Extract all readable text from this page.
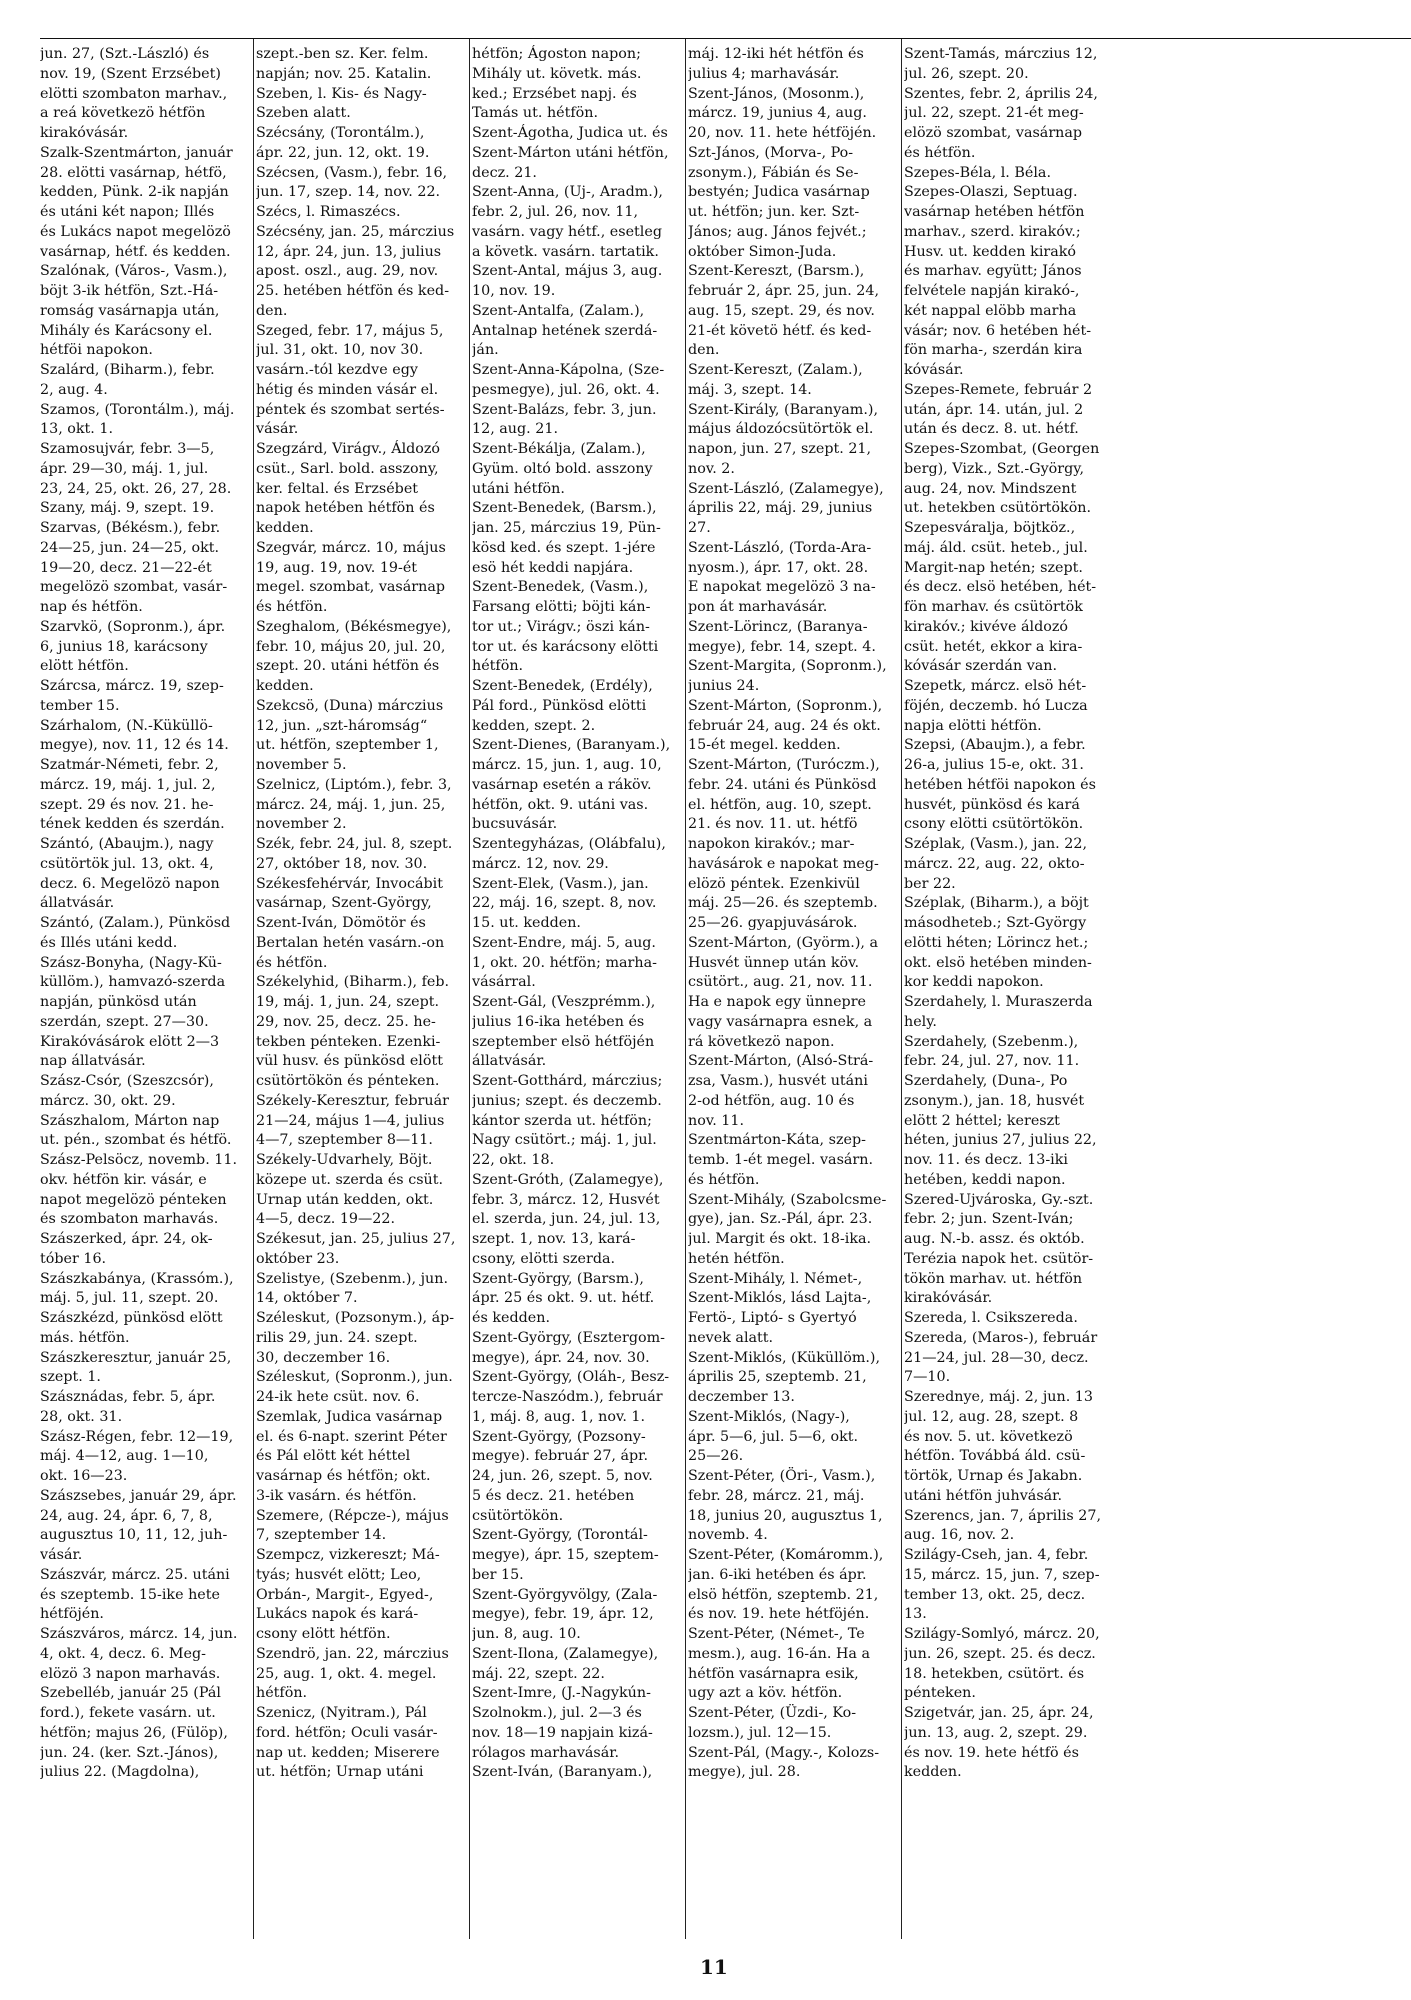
jun. 27, (Szt.-László) és
nov. 19, (Szent Erzsébet)
elötti szombaton marhav.,
a reá következö hétfön
kirakóvásár.
Szalk-Szentmárton, január
28. elötti vasárnap, hétfö,
kedden, Pünk. 2-ik napján
és utáni két napon; Illés
és Lukács napot megelözö
vasárnap, hétf. és kedden.
Szalónak, (Város-, Vasm.),
böjt 3-ik hétfön, Szt.-Há-
romság vasárnapja után,
Mihály és Karácsony el.
hétföi napokon.
Szalárd, (Biharm.), febr.
2, aug. 4.
Szamos, (Torontálm.), máj.
13, okt. 1.
Szamosujvár, febr. 3—5,
ápr. 29—30, máj. 1, jul.
23, 24, 25, okt. 26, 27, 28.
Szany, máj. 9, szept. 19.
Szarvas, (Békésm.), febr.
24—25, jun. 24—25, okt.
19—20, decz. 21—22-ét
megelözö szombat, vasár-
nap és hétfön.
Szarvkö, (Sopronm.), ápr.
6, junius 18, karácsony
elött hétfön.
Szárcsa, márcz. 19, szep-
tember 15.
Szárhalom, (N.-Küküllö-
megye), nov. 11, 12 és 14.
Szatmár-Németi, febr. 2,
márcz. 19, máj. 1, jul. 2,
szept. 29 és nov. 21. he-
tének kedden és szerdán.
Szántó, (Abaujm.), nagy
csütörtök jul. 13, okt. 4,
decz. 6. Megelözö napon
állatvásár.
Szántó, (Zalam.), Pünkösd
és Illés utáni kedd.
Szász-Bonyha, (Nagy-Kü-
küllöm.), hamvazó-szerda
napján, pünkösd után
szerdán, szept. 27—30.
Kirakóvásárok elött 2—3
nap állatvásár.
Szász-Csór, (Szeszcsór),
márcz. 30, okt. 29.
Szászhalom, Márton nap
ut. pén., szombat és hétfö.
Szász-Pelsöcz, novemb. 11.
okv. hétfön kir. vásár, e
napot megelözö pénteken
és szombaton marhavás.
Szászerked, ápr. 24, ok-
tóber 16.
Szászkabánya, (Krassóm.),
máj. 5, jul. 11, szept. 20.
Szászkézd, pünkösd elött
más. hétfön.
Szászkeresztur, január 25,
szept. 1.
Szásznádas, febr. 5, ápr.
28, okt. 31.
Szász-Régen, febr. 12—19,
máj. 4—12, aug. 1—10,
okt. 16—23.
Szászsebes, január 29, ápr.
24, aug. 24, ápr. 6, 7, 8,
augusztus 10, 11, 12, juh-
vásár.
Szászvár, márcz. 25. utáni
és szeptemb. 15-ike hete
hétföjén.
Szászváros, márcz. 14, jun.
4, okt. 4, decz. 6. Meg-
elözö 3 napon marhavás.
Szebelléb, január 25 (Pál
ford.), fekete vasárn. ut.
hétfön; majus 26, (Fülöp),
jun. 24. (ker. Szt.-János),
julius 22. (Magdolna),
szept.-ben sz. Ker. felm.
napján; nov. 25. Katalin.
Szeben, l. Kis- és Nagy-
Szeben alatt.
Szécsány, (Torontálm.),
ápr. 22, jun. 12, okt. 19.
Szécsen, (Vasm.), febr. 16,
jun. 17, szep. 14, nov. 22.
Szécs, l. Rimaszécs.
Szécsény, jan. 25, márczius
12, ápr. 24, jun. 13, julius
apost. oszl., aug. 29, nov.
25. hetében hétfön és ked-
den.
Szeged, febr. 17, május 5,
jul. 31, okt. 10, nov 30.
vasárn.-tól kezdve egy
hétig és minden vásár el.
péntek és szombat sertés-
vásár.
Szegzárd, Virágv., Áldozó
csüt., Sarl. bold. asszony,
ker. feltal. és Erzsébet
napok hetében hétfön és
kedden.
Szegvár, márcz. 10, május
19, aug. 19, nov. 19-ét
megel. szombat, vasárnap
és hétfön.
Szeghalom, (Békésmegye),
febr. 10, május 20, jul. 20,
szept. 20. utáni hétfön és
kedden.
Szekcsö, (Duna) márczius
12, jun. „szt-háromság“
ut. hétfön, szeptember 1,
november 5.
Szelnicz, (Liptóm.), febr. 3,
márcz. 24, máj. 1, jun. 25,
november 2.
Szék, febr. 24, jul. 8, szept.
27, október 18, nov. 30.
Székesfehérvár, Invocábit
vasárnap, Szent-György,
Szent-Iván, Dömötör és
Bertalan hetén vasárn.-on
és hétfön.
Székelyhid, (Biharm.), feb.
19, máj. 1, jun. 24, szept.
29, nov. 25, decz. 25. he-
tekben pénteken. Ezenki-
vül husv. és pünkösd elött
csütörtökön és pénteken.
Székely-Keresztur, február
21—24, május 1—4, julius
4—7, szeptember 8—11.
Székely-Udvarhely, Böjt.
közepe ut. szerda és csüt.
Urnap után kedden, okt.
4—5, decz. 19—22.
Székesut, jan. 25, julius 27,
október 23.
Szelistye, (Szebenm.), jun.
14, október 7.
Széleskut, (Pozsonym.), áp-
rilis 29, jun. 24. szept.
30, deczember 16.
Széleskut, (Sopronm.), jun.
24-ik hete csüt. nov. 6.
Szemlak, Judica vasárnap
el. és 6-napt. szerint Péter
és Pál elött két héttel
vasárnap és hétfön; okt.
3-ik vasárn. és hétfön.
Szemere, (Répcze-), május
7, szeptember 14.
Szempcz, vizkereszt; Má-
tyás; husvét elött; Leo,
Orbán-, Margit-, Egyed-,
Lukács napok és kará-
csony elött hétfön.
Szendrö, jan. 22, márczius
25, aug. 1, okt. 4. megel.
hétfön.
Szenicz, (Nyitram.), Pál
ford. hétfön; Oculi vasár-
nap ut. kedden; Miserere
ut. hétfön; Urnap utáni
hétfön; Ágoston napon;
Mihály ut. követk. más.
ked.; Erzsébet napj. és
Tamás ut. hétfön.
Szent-Ágotha, Judica ut. és
Szent-Márton utáni hétfön,
decz. 21.
Szent-Anna, (Uj-, Aradm.),
febr. 2, jul. 26, nov. 11,
vasárn. vagy hétf., esetleg
a követk. vasárn. tartatik.
Szent-Antal, május 3, aug.
10, nov. 19.
Szent-Antalfa, (Zalam.),
Antalnap hetének szerdá-
ján.
Szent-Anna-Kápolna, (Sze-
pesmegye), jul. 26, okt. 4.
Szent-Balázs, febr. 3, jun.
12, aug. 21.
Szent-Békálja, (Zalam.),
Gyüm. oltó bold. asszony
utáni hétfön.
Szent-Benedek, (Barsm.),
jan. 25, márczius 19, Pün-
kösd ked. és szept. 1-jére
esö hét keddi napjára.
Szent-Benedek, (Vasm.),
Farsang elötti; böjti kán-
tor ut.; Virágv.; öszi kán-
tor ut. és karácsony elötti
hétfön.
Szent-Benedek, (Erdély),
Pál ford., Pünkösd elötti
kedden, szept. 2.
Szent-Dienes, (Baranyam.),
márcz. 15, jun. 1, aug. 10,
vasárnap esetén a ráköv.
hétfön, okt. 9. utáni vas.
bucsuvásár.
Szentegyházas, (Olábfalu),
márcz. 12, nov. 29.
Szent-Elek, (Vasm.), jan.
22, máj. 16, szept. 8, nov.
15. ut. kedden.
Szent-Endre, máj. 5, aug.
1, okt. 20. hétfön; marha-
vásárral.
Szent-Gál, (Veszprémm.),
julius 16-ika hetében és
szeptember elsö hétföjén
állatvásár.
Szent-Gotthárd, márczius;
junius; szept. és deczemb.
kántor szerda ut. hétfön;
Nagy csütört.; máj. 1, jul.
22, okt. 18.
Szent-Gróth, (Zalamegye),
febr. 3, márcz. 12, Husvét
el. szerda, jun. 24, jul. 13,
szept. 1, nov. 13, kará-
csony, elötti szerda.
Szent-György, (Barsm.),
ápr. 25 és okt. 9. ut. hétf.
és kedden.
Szent-György, (Esztergom-
megye), ápr. 24, nov. 30.
Szent-György, (Oláh-, Besz-
tercze-Naszódm.), február
1, máj. 8, aug. 1, nov. 1.
Szent-György, (Pozsony-
megye). február 27, ápr.
24, jun. 26, szept. 5, nov.
5 és decz. 21. hetében
csütörtökön.
Szent-György, (Torontál-
megye), ápr. 15, szeptem-
ber 15.
Szent-Györgyvölgy, (Zala-
megye), febr. 19, ápr. 12,
jun. 8, aug. 10.
Szent-Ilona, (Zalamegye),
máj. 22, szept. 22.
Szent-Imre, (J.-Nagykún-
Szolnokm.), jul. 2—3 és
nov. 18—19 napjain kizá-
rólagos marhavásár.
Szent-Iván, (Baranyam.),
máj. 12-iki hét hétfön és
julius 4; marhavásár.
Szent-János, (Mosonm.),
márcz. 19, junius 4, aug.
20, nov. 11. hete hétföjén.
Szt-János, (Morva-, Po-
zsonym.), Fábián és Se-
bestyén; Judica vasárnap
ut. hétfön; jun. ker. Szt-
János; aug. János fejvét.;
október Simon-Juda.
Szent-Kereszt, (Barsm.),
február 2, ápr. 25, jun. 24,
aug. 15, szept. 29, és nov.
21-ét követö hétf. és ked-
den.
Szent-Kereszt, (Zalam.),
máj. 3, szept. 14.
Szent-Király, (Baranyam.),
május áldozócsütörtök el.
napon, jun. 27, szept. 21,
nov. 2.
Szent-László, (Zalamegye),
április 22, máj. 29, junius
27.
Szent-László, (Torda-Ara-
nyosm.), ápr. 17, okt. 28.
E napokat megelözö 3 na-
pon át marhavásár.
Szent-Lörincz, (Baranya-
megye), febr. 14, szept. 4.
Szent-Margita, (Sopronm.),
junius 24.
Szent-Márton, (Sopronm.),
február 24, aug. 24 és okt.
15-ét megel. kedden.
Szent-Márton, (Turóczm.),
febr. 24. utáni és Pünkösd
el. hétfön, aug. 10, szept.
21. és nov. 11. ut. hétfö
napokon kirakóv.; mar-
havásárok e napokat meg-
elözö péntek. Ezenkivül
máj. 25—26. és szeptemb.
25—26. gyapjuvásárok.
Szent-Márton, (Györm.), a
Husvét ünnep után köv.
csütört., aug. 21, nov. 11.
Ha e napok egy ünnepre
vagy vasárnapra esnek, a
rá következö napon.
Szent-Márton, (Alsó-Strá-
zsa, Vasm.), husvét utáni
2-od hétfön, aug. 10 és
nov. 11.
Szentmárton-Káta, szep-
temb. 1-ét megel. vasárn.
és hétfön.
Szent-Mihály, (Szabolcsme-
gye), jan. Sz.-Pál, ápr. 23.
jul. Margit és okt. 18-ika.
hetén hétfön.
Szent-Mihály, l. Német-,
Szent-Miklós, lásd Lajta-,
Fertö-, Liptó- s Gyertyó
nevek alatt.
Szent-Miklós, (Küküllöm.),
április 25, szeptemb. 21,
deczember 13.
Szent-Miklós, (Nagy-),
ápr. 5—6, jul. 5—6, okt.
25—26.
Szent-Péter, (Öri-, Vasm.),
febr. 28, márcz. 21, máj.
18, junius 20, augusztus 1,
novemb. 4.
Szent-Péter, (Komáromm.),
jan. 6-iki hetében és ápr.
elsö hétfön, szeptemb. 21,
és nov. 19. hete hétföjén.
Szent-Péter, (Német-, Te
mesm.), aug. 16-án. Ha a
hétfön vasárnapra esik,
ugy azt a köv. hétfön.
Szent-Péter, (Üzdi-, Ko-
lozsm.), jul. 12—15.
Szent-Pál, (Magy.-, Kolozs-
megye), jul. 28.
Szent-Tamás, márczius 12,
jul. 26, szept. 20.
Szentes, febr. 2, április 24,
jul. 22, szept. 21-ét meg-
elözö szombat, vasárnap
és hétfön.
Szepes-Béla, l. Béla.
Szepes-Olaszi, Septuag.
vasárnap hetében hétfön
marhav., szerd. kirakóv.;
Husv. ut. kedden kirakó
és marhav. együtt; János
felvétele napján kirakó-,
két nappal elöbb marha
vásár; nov. 6 hetében hét-
fön marha-, szerdán kira
kóvásár.
Szepes-Remete, február 2
után, ápr. 14. után, jul. 2
után és decz. 8. ut. hétf.
Szepes-Szombat, (Georgen
berg), Vizk., Szt.-György,
aug. 24, nov. Mindszent
ut. hetekben csütörtökön.
Szepesváralja, böjtköz.,
máj. áld. csüt. heteb., jul.
Margit-nap hetén; szept.
és decz. elsö hetében, hét-
fön marhav. és csütörtök
kirakóv.; kivéve áldozó
csüt. hetét, ekkor a kira-
kóvásár szerdán van.
Szepetk, márcz. elsö hét-
föjén, deczemb. hó Lucza
napja elötti hétfön.
Szepsi, (Abaujm.), a febr.
26-a, julius 15-e, okt. 31.
hetében hétföi napokon és
husvét, pünkösd és kará
csony elötti csütörtökön.
Széplak, (Vasm.), jan. 22,
márcz. 22, aug. 22, okto-
ber 22.
Széplak, (Biharm.), a böjt
másodheteb.; Szt-György
elötti héten; Lörincz het.;
okt. elsö hetében minden-
kor keddi napokon.
Szerdahely, l. Muraszerda
hely.
Szerdahely, (Szebenm.),
febr. 24, jul. 27, nov. 11.
Szerdahely, (Duna-, Po
zsonym.), jan. 18, husvét
elött 2 héttel; kereszt
héten, junius 27, julius 22,
nov. 11. és decz. 13-iki
hetében, keddi napon.
Szered-Ujvároska, Gy.-szt.
febr. 2; jun. Szent-Iván;
aug. N.-b. assz. és októb.
Terézia napok het. csütör-
tökön marhav. ut. hétfön
kirakóvásár.
Szereda, l. Csikszereda.
Szereda, (Maros-), február
21—24, jul. 28—30, decz.
7—10.
Szerednye, máj. 2, jun. 13
jul. 12, aug. 28, szept. 8
és nov. 5. ut. következö
hétfön. Továbbá áld. csü-
törtök, Urnap és Jakabn.
utáni hétfön juhvásár.
Szerencs, jan. 7, április 27,
aug. 16, nov. 2.
Szilágy-Cseh, jan. 4, febr.
15, márcz. 15, jun. 7, szep-
tember 13, okt. 25, decz.
13.
Szilágy-Somlyó, márcz. 20,
jun. 26, szept. 25. és decz.
18. hetekben, csütört. és
pénteken.
Szigetvár, jan. 25, ápr. 24,
jun. 13, aug. 2, szept. 29.
és nov. 19. hete hétfö és
kedden.
11
